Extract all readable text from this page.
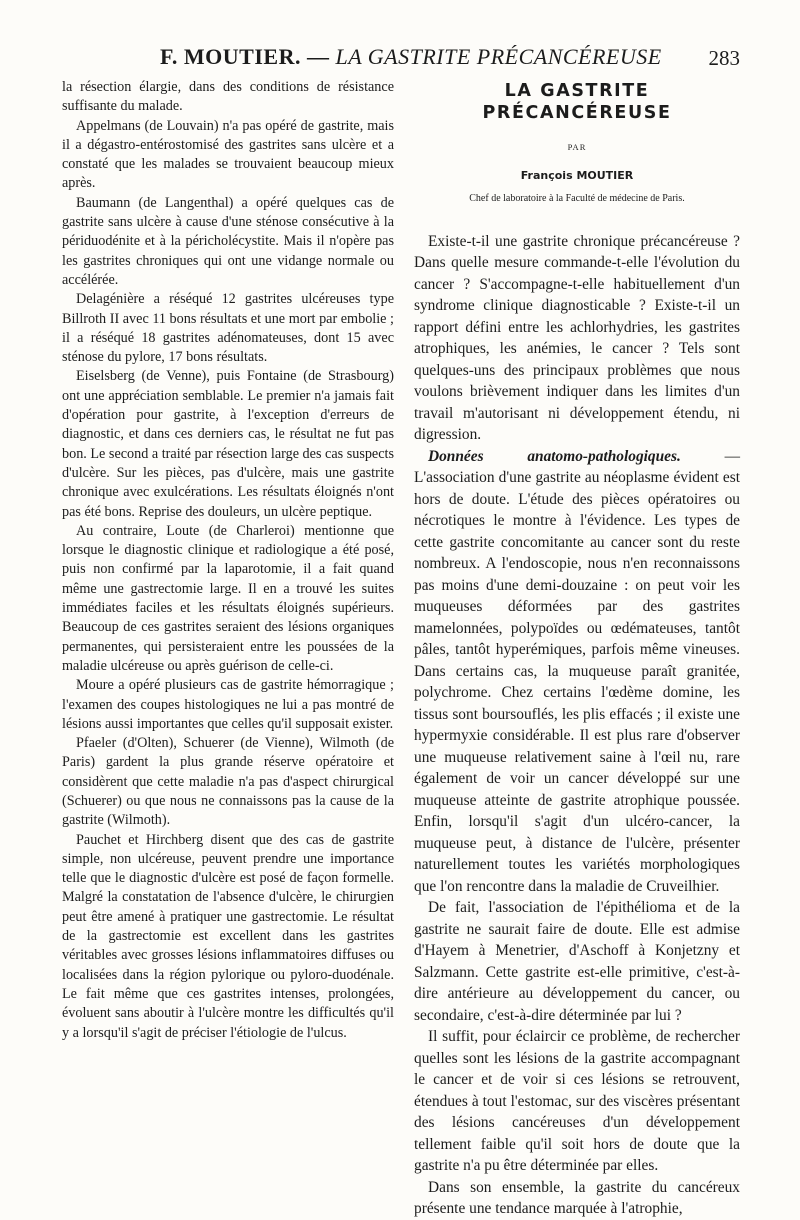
F. MOUTIER. — LA GASTRITE PRÉCANCÉREUSE 283

la résection élargie, dans des conditions de résistance suffisante du malade.

Appelmans (de Louvain) n'a pas opéré de gastrite, mais il a dégastro-entérostomisé des gastrites sans ulcère et a constaté que les malades se trouvaient beaucoup mieux après.

Baumann (de Langenthal) a opéré quelques cas de gastrite sans ulcère à cause d'une sténose consécutive à la périduodénite et à la péricholécystite. Mais il n'opère pas les gastrites chroniques qui ont une vidange normale ou accélérée.

Delagénière a réséqué 12 gastrites ulcéreuses type Billroth II avec 11 bons résultats et une mort par embolie ; il a réséqué 18 gastrites adénomateuses, dont 15 avec sténose du pylore, 17 bons résultats.

Eiselsberg (de Venne), puis Fontaine (de Strasbourg) ont une appréciation semblable. Le premier n'a jamais fait d'opération pour gastrite, à l'exception d'erreurs de diagnostic, et dans ces derniers cas, le résultat ne fut pas bon. Le second a traité par résection large des cas suspects d'ulcère. Sur les pièces, pas d'ulcère, mais une gastrite chronique avec exulcérations. Les résultats éloignés n'ont pas été bons. Reprise des douleurs, un ulcère peptique.

Au contraire, Loute (de Charleroi) mentionne que lorsque le diagnostic clinique et radiologique a été posé, puis non confirmé par la laparotomie, il a fait quand même une gastrectomie large. Il en a trouvé les suites immédiates faciles et les résultats éloignés supérieurs. Beaucoup de ces gastrites seraient des lésions organiques permanentes, qui persisteraient entre les poussées de la maladie ulcéreuse ou après guérison de celle-ci.

Moure a opéré plusieurs cas de gastrite hémorragique ; l'examen des coupes histologiques ne lui a pas montré de lésions aussi importantes que celles qu'il supposait exister.

Pfaeler (d'Olten), Schuerer (de Vienne), Wilmoth (de Paris) gardent la plus grande réserve opératoire et considèrent que cette maladie n'a pas d'aspect chirurgical (Schuerer) ou que nous ne connaissons pas la cause de la gastrite (Wilmoth).

Pauchet et Hirchberg disent que des cas de gastrite simple, non ulcéreuse, peuvent prendre une importance telle que le diagnostic d'ulcère est posé de façon formelle. Malgré la constatation de l'absence d'ulcère, le chirurgien peut être amené à pratiquer une gastrectomie. Le résultat de la gastrectomie est excellent dans les gastrites véritables avec grosses lésions inflammatoires diffuses ou localisées dans la région pylorique ou pyloro-duodénale. Le fait même que ces gastrites intenses, prolongées, évoluent sans aboutir à l'ulcère montre les difficultés qu'il y a lorsqu'il s'agit de préciser l'étiologie de l'ulcus.

LA GASTRITE
PRÉCANCÉREUSE
PAR
François MOUTIER
Chef de laboratoire à la Faculté de médecine de Paris.

Existe-t-il une gastrite chronique précancéreuse ? Dans quelle mesure commande-t-elle l'évolution du cancer ? S'accompagne-t-elle habituellement d'un syndrome clinique diagnosticable ? Existe-t-il un rapport défini entre les achlorhydries, les gastrites atrophiques, les anémies, le cancer ? Tels sont quelques-uns des principaux problèmes que nous voulons brièvement indiquer dans les limites d'un travail m'autorisant ni développement étendu, ni digression.

Données anatomo-pathologiques. — L'association d'une gastrite au néoplasme évident est hors de doute. L'étude des pièces opératoires ou nécrotiques le montre à l'évidence. Les types de cette gastrite concomitante au cancer sont du reste nombreux. A l'endoscopie, nous n'en reconnaissons pas moins d'une demi-douzaine : on peut voir les muqueuses déformées par des gastrites mamelonnées, polypoïdes ou œdémateuses, tantôt pâles, tantôt hyperémiques, parfois même vineuses. Dans certains cas, la muqueuse paraît granitée, polychrome. Chez certains l'œdème domine, les tissus sont boursouflés, les plis effacés ; il existe une hypermyxie considérable. Il est plus rare d'observer une muqueuse relativement saine à l'œil nu, rare également de voir un cancer développé sur une muqueuse atteinte de gastrite atrophique poussée. Enfin, lorsqu'il s'agit d'un ulcéro-cancer, la muqueuse peut, à distance de l'ulcère, présenter naturellement toutes les variétés morphologiques que l'on rencontre dans la maladie de Cruveilhier.

De fait, l'association de l'épithélioma et de la gastrite ne saurait faire de doute. Elle est admise d'Hayem à Menetrier, d'Aschoff à Konjetzny et Salzmann. Cette gastrite est-elle primitive, c'est-à-dire antérieure au développement du cancer, ou secondaire, c'est-à-dire déterminée par lui ?

Il suffit, pour éclaircir ce problème, de rechercher quelles sont les lésions de la gastrite accompagnant le cancer et de voir si ces lésions se retrouvent, étendues à tout l'estomac, sur des viscères présentant des lésions cancéreuses d'un développement tellement faible qu'il soit hors de doute que la gastrite n'a pu être déterminée par elles.

Dans son ensemble, la gastrite du cancéreux présente une tendance marquée à l'atrophie,
